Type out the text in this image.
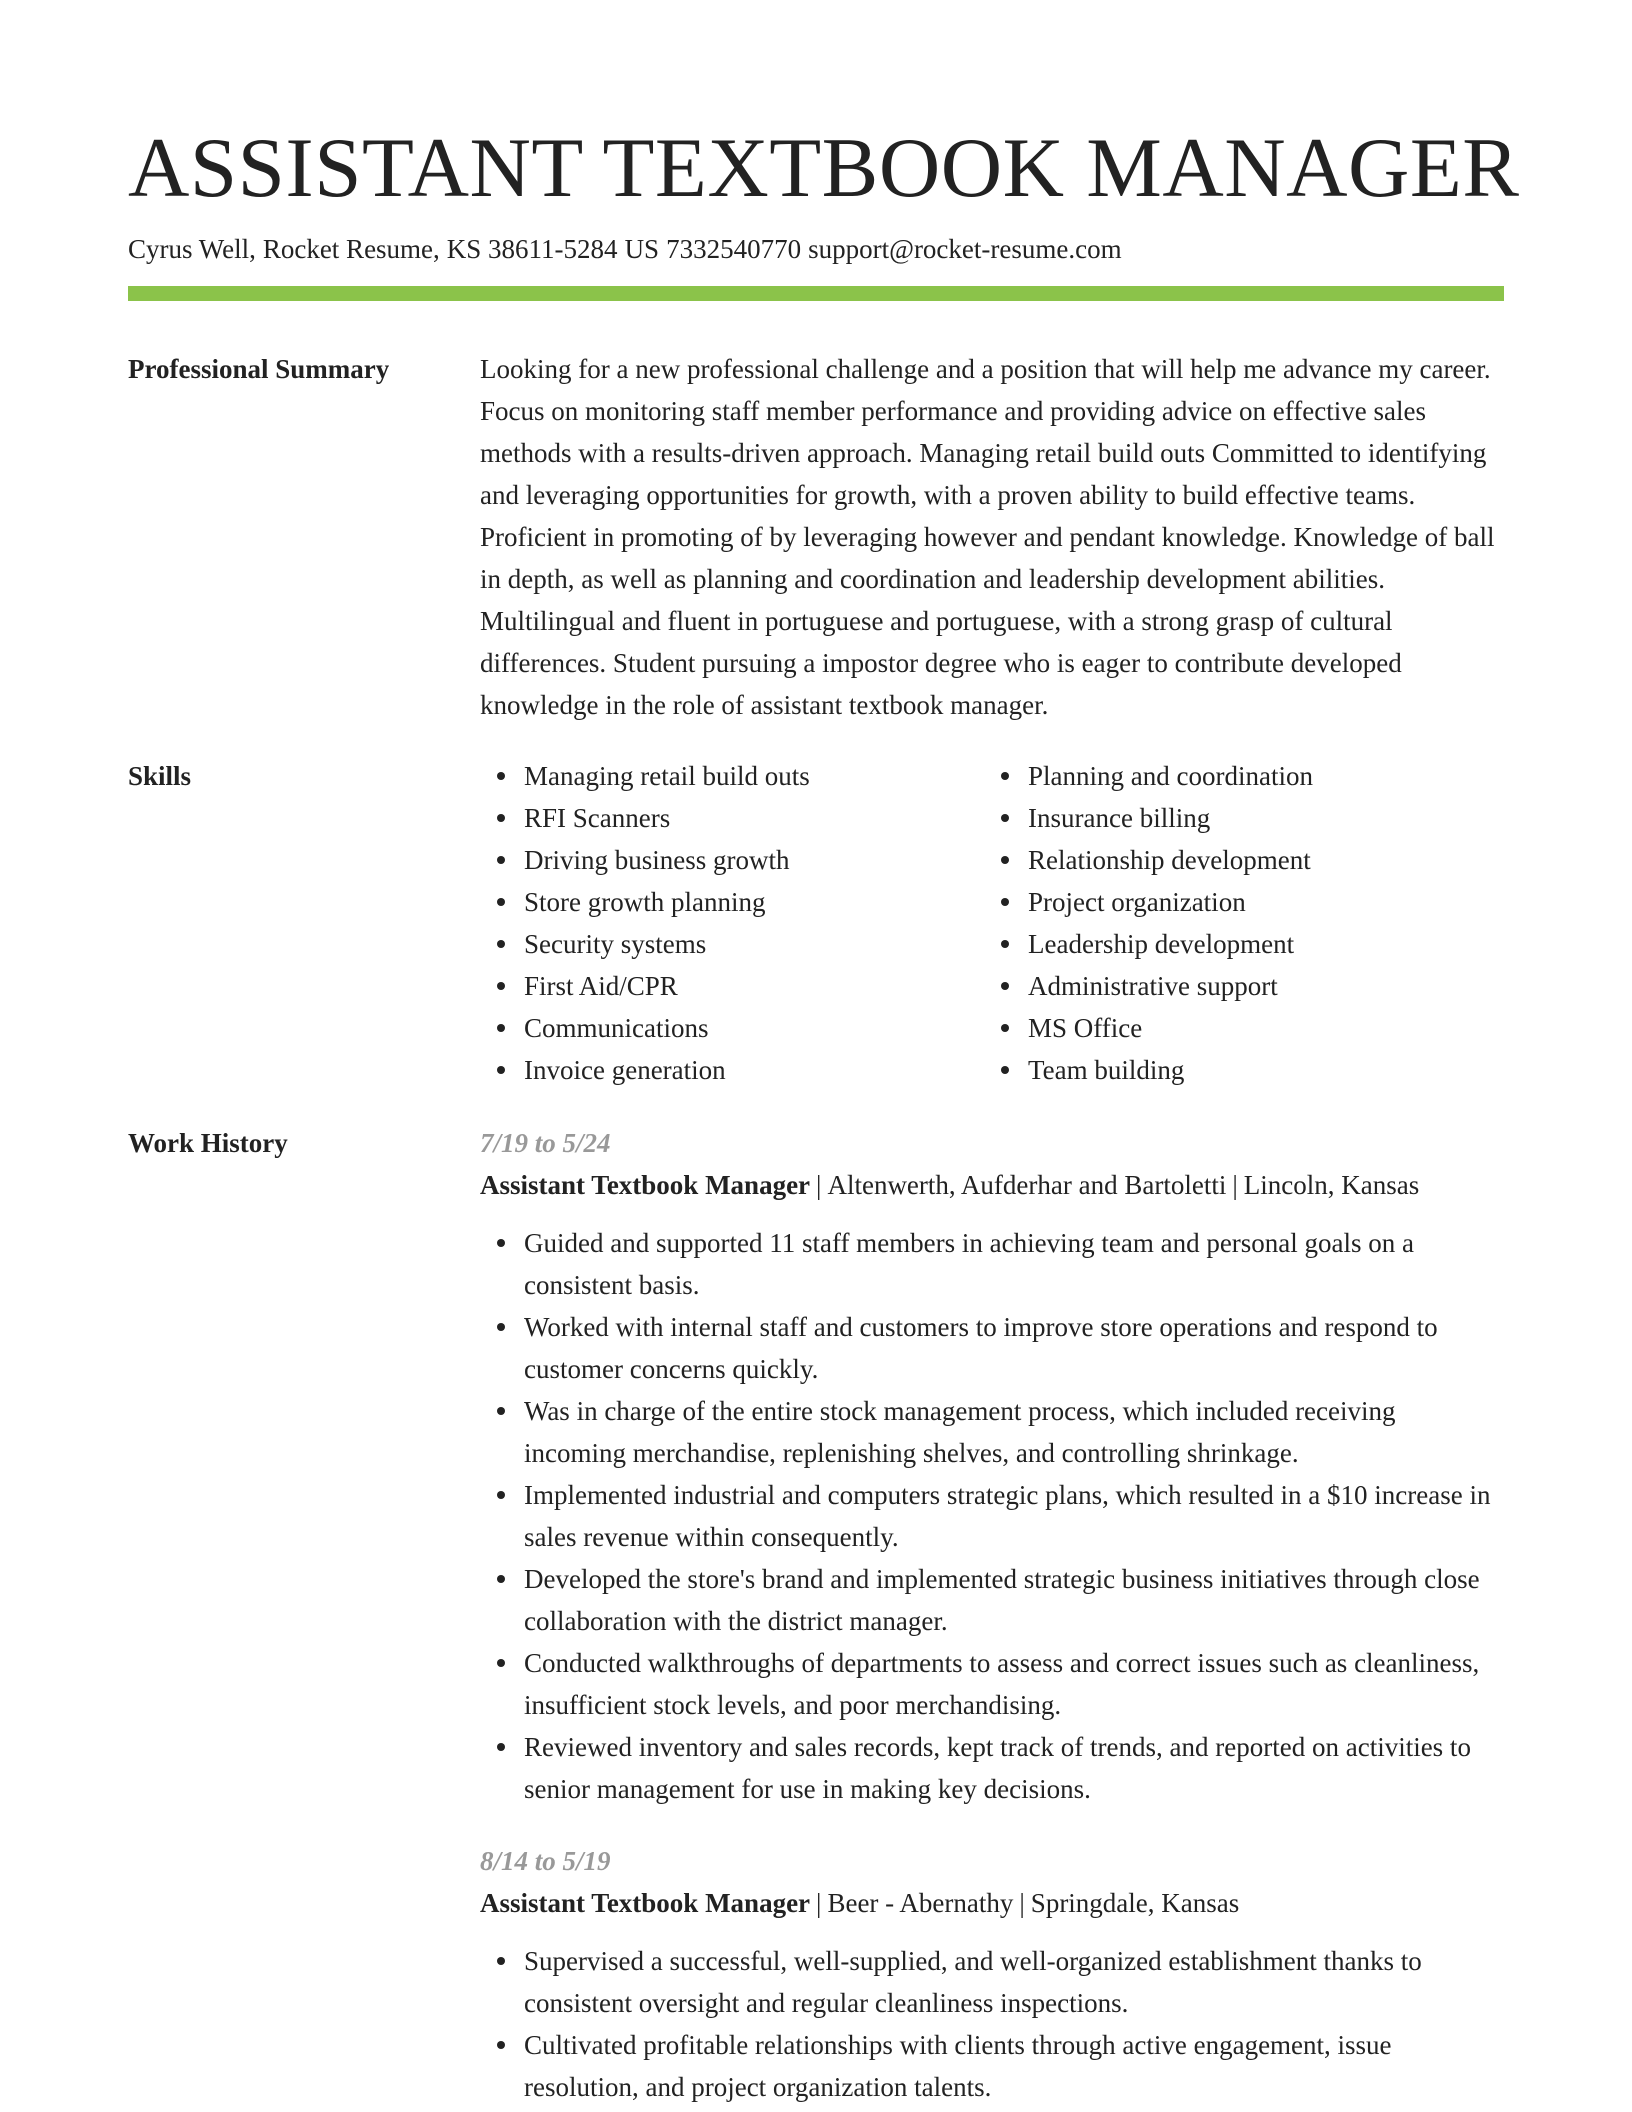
ASSISTANT TEXTBOOK MANAGER
Cyrus Well, Rocket Resume, KS 38611-5284 US 7332540770 support@rocket-resume.com
Professional Summary	Looking for a new professional challenge and a position that will help me advance my career. Focus on monitoring staff member performance and providing advice on effective sales methods with a results-driven approach. Managing retail build outs Committed to identifying and leveraging opportunities for growth, with a proven ability to build effective teams. Proficient in promoting of by leveraging however and pendant knowledge. Knowledge of ball in depth, as well as planning and coordination and leadership development abilities. Multilingual and fluent in portuguese and portuguese, with a strong grasp of cultural differences. Student pursuing a impostor degree who is eager to contribute developed knowledge in the role of assistant textbook manager.

Skills	Managing retail build outs
RFI Scanners
Driving business growth
Store growth planning
Security systems
First Aid/CPR
Communications
Invoice generation
Planning and coordination
Insurance billing
Relationship development
Project organization
Leadership development
Administrative support
MS Office
Team building
Work History	7/19 to 5/24
Assistant Textbook Manager | Altenwerth, Aufderhar and Bartoletti | Lincoln, Kansas
Guided and supported 11 staff members in achieving team and personal goals on a consistent basis.
Worked with internal staff and customers to improve store operations and respond to customer concerns quickly.
Was in charge of the entire stock management process, which included receiving incoming merchandise, replenishing shelves, and controlling shrinkage.
Implemented industrial and computers strategic plans, which resulted in a $10 increase in sales revenue within consequently.
Developed the store's brand and implemented strategic business initiatives through close collaboration with the district manager.
Conducted walkthroughs of departments to assess and correct issues such as cleanliness, insufficient stock levels, and poor merchandising.
Reviewed inventory and sales records, kept track of trends, and reported on activities to senior management for use in making key decisions.
8/14 to 5/19
Assistant Textbook Manager | Beer - Abernathy | Springdale, Kansas
Supervised a successful, well-supplied, and well-organized establishment thanks to consistent oversight and regular cleanliness inspections.
Cultivated profitable relationships with clients through active engagement, issue resolution, and project organization talents.
